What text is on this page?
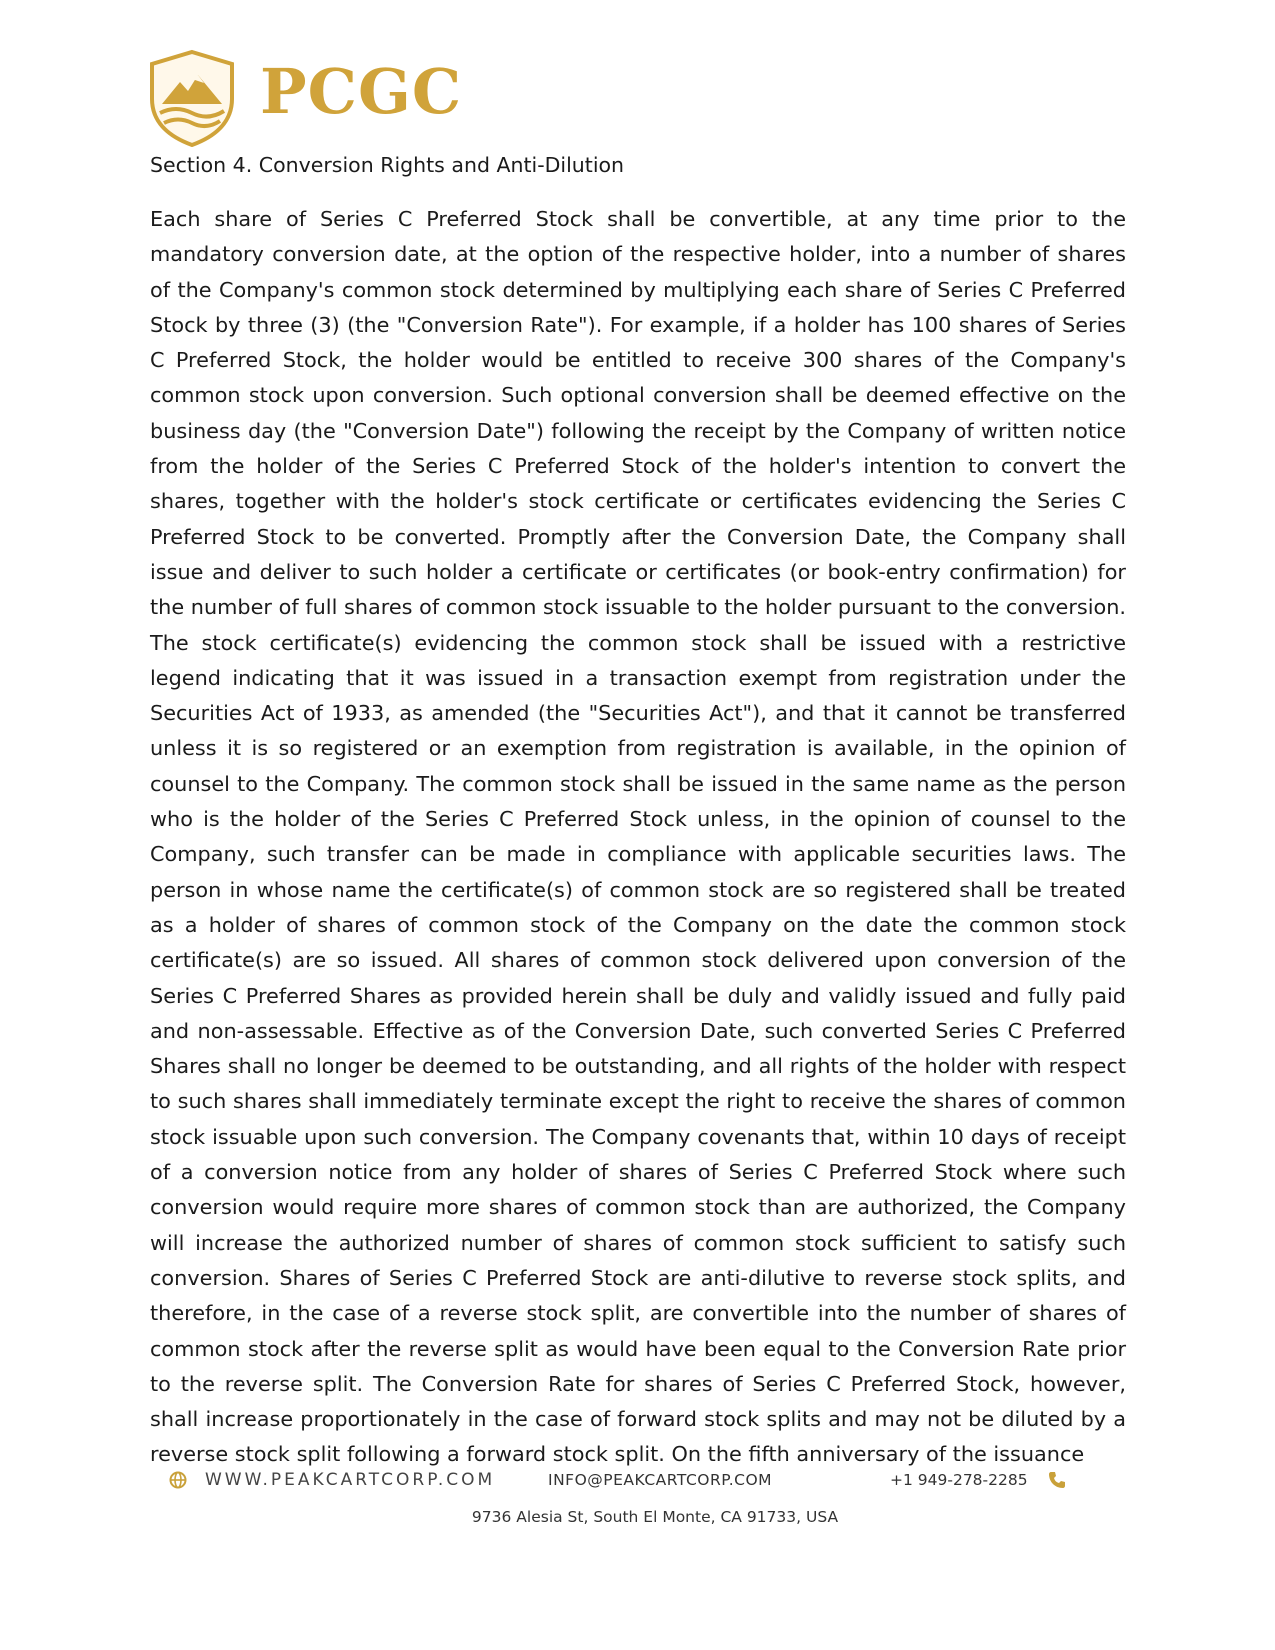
PCGC
Section 4. Conversion Rights and Anti-Dilution

Each share of Series C Preferred Stock shall be convertible, at any time prior to the mandatory conversion date, at the option of the respective holder, into a number of shares of the Company's common stock determined by multiplying each share of Series C Preferred Stock by three (3) (the "Conversion Rate"). For example, if a holder has 100 shares of Series C Preferred Stock, the holder would be entitled to receive 300 shares of the Company's common stock upon conversion. Such optional conversion shall be deemed effective on the business day (the "Conversion Date") following the receipt by the Company of written notice from the holder of the Series C Preferred Stock of the holder's intention to convert the shares, together with the holder's stock certificate or certificates evidencing the Series C Preferred Stock to be converted. Promptly after the Conversion Date, the Company shall issue and deliver to such holder a certificate or certificates (or book-entry confirmation) for the number of full shares of common stock issuable to the holder pursuant to the conversion. The stock certificate(s) evidencing the common stock shall be issued with a restrictive legend indicating that it was issued in a transaction exempt from registration under the Securities Act of 1933, as amended (the "Securities Act"), and that it cannot be transferred unless it is so registered or an exemption from registration is available, in the opinion of counsel to the Company. The common stock shall be issued in the same name as the person who is the holder of the Series C Preferred Stock unless, in the opinion of counsel to the Company, such transfer can be made in compliance with applicable securities laws. The person in whose name the certificate(s) of common stock are so registered shall be treated as a holder of shares of common stock of the Company on the date the common stock certificate(s) are so issued. All shares of common stock delivered upon conversion of the Series C Preferred Shares as provided herein shall be duly and validly issued and fully paid and non-assessable. Effective as of the Conversion Date, such converted Series C Preferred Shares shall no longer be deemed to be outstanding, and all rights of the holder with respect to such shares shall immediately terminate except the right to receive the shares of common stock issuable upon such conversion. The Company covenants that, within 10 days of receipt of a conversion notice from any holder of shares of Series C Preferred Stock where such conversion would require more shares of common stock than are authorized, the Company will increase the authorized number of shares of common stock sufficient to satisfy such conversion. Shares of Series C Preferred Stock are anti-dilutive to reverse stock splits, and therefore, in the case of a reverse stock split, are convertible into the number of shares of common stock after the reverse split as would have been equal to the Conversion Rate prior to the reverse split. The Conversion Rate for shares of Series C Preferred Stock, however, shall increase proportionately in the case of forward stock splits and may not be diluted by a reverse stock split following a forward stock split. On the fifth anniversary of the issuance

WWW.PEAKCARTCORP.COM	INFO@PEAKCARTCORP.COM	+1 949-278-2285
9736 Alesia St, South El Monte, CA 91733, USA
